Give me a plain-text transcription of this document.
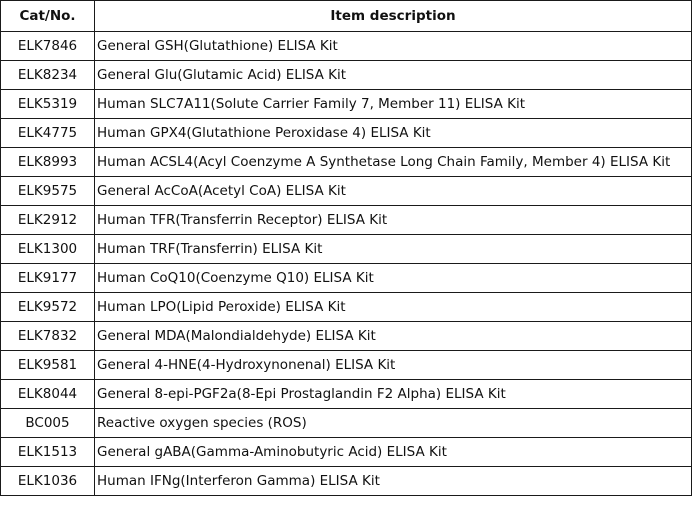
Cat/No.	Item description
ELK7846	General GSH(Glutathione) ELISA Kit
ELK8234	General Glu(Glutamic Acid) ELISA Kit
ELK5319	Human SLC7A11(Solute Carrier Family 7, Member 11) ELISA Kit
ELK4775	Human GPX4(Glutathione Peroxidase 4) ELISA Kit
ELK8993	Human ACSL4(Acyl Coenzyme A Synthetase Long Chain Family, Member 4) ELISA Kit
ELK9575	General AcCoA(Acetyl CoA) ELISA Kit
ELK2912	Human TFR(Transferrin Receptor) ELISA Kit
ELK1300	Human TRF(Transferrin) ELISA Kit
ELK9177	Human CoQ10(Coenzyme Q10) ELISA Kit
ELK9572	Human LPO(Lipid Peroxide) ELISA Kit
ELK7832	General MDA(Malondialdehyde) ELISA Kit
ELK9581	General 4-HNE(4-Hydroxynonenal) ELISA Kit
ELK8044	General 8-epi-PGF2a(8-Epi Prostaglandin F2 Alpha) ELISA Kit
BC005	Reactive oxygen species (ROS)
ELK1513	General gABA(Gamma-Aminobutyric Acid) ELISA Kit
ELK1036	Human IFNg(Interferon Gamma) ELISA Kit
